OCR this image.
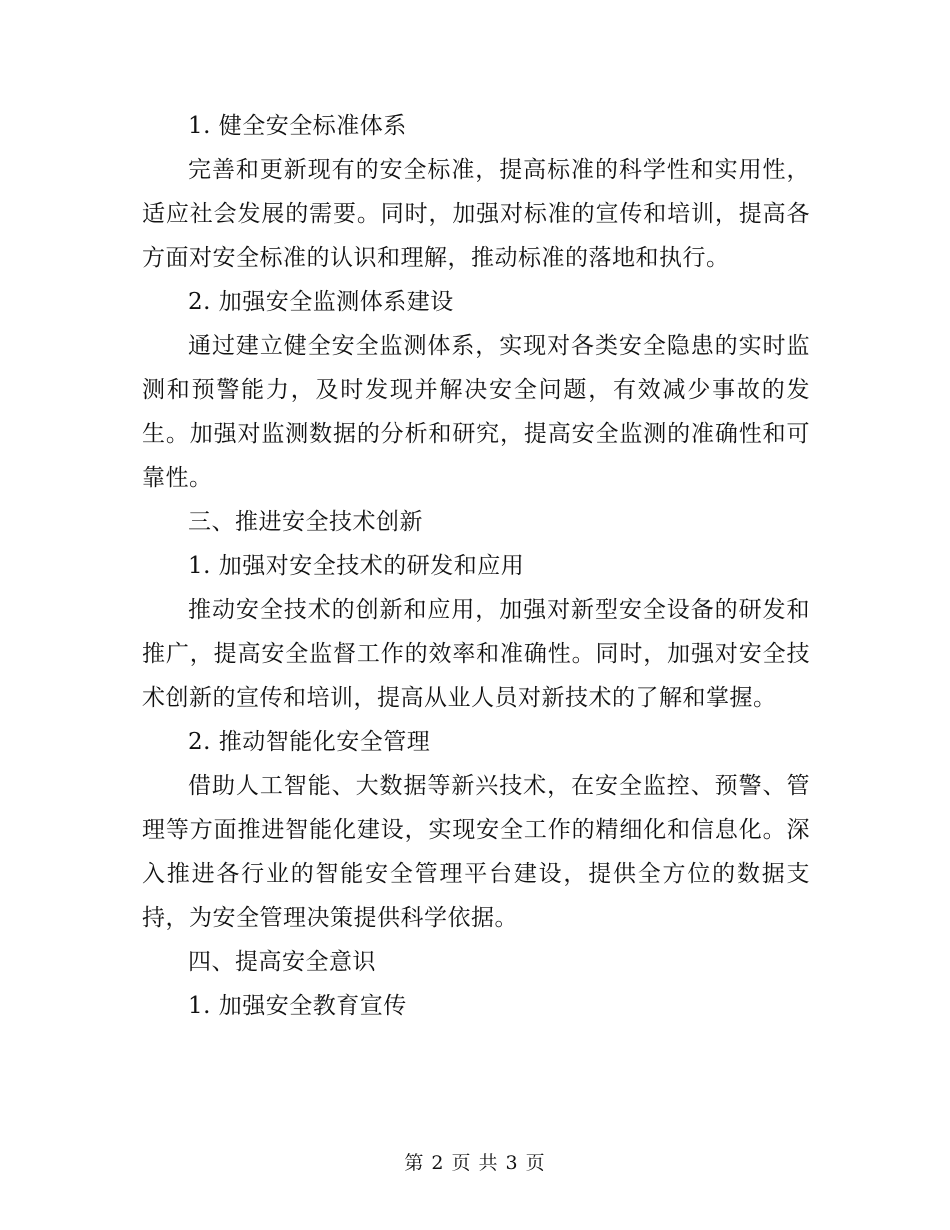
1. 健全安全标准体系

完善和更新现有的安全标准，提高标准的科学性和实用性，适应社会发展的需要。同时，加强对标准的宣传和培训，提高各方面对安全标准的认识和理解，推动标准的落地和执行。

2. 加强安全监测体系建设

通过建立健全安全监测体系，实现对各类安全隐患的实时监测和预警能力，及时发现并解决安全问题，有效减少事故的发生。加强对监测数据的分析和研究，提高安全监测的准确性和可靠性。

三、推进安全技术创新

1. 加强对安全技术的研发和应用

推动安全技术的创新和应用，加强对新型安全设备的研发和推广，提高安全监督工作的效率和准确性。同时，加强对安全技术创新的宣传和培训，提高从业人员对新技术的了解和掌握。

2. 推动智能化安全管理

借助人工智能、大数据等新兴技术，在安全监控、预警、管理等方面推进智能化建设，实现安全工作的精细化和信息化。深入推进各行业的智能安全管理平台建设，提供全方位的数据支持，为安全管理决策提供科学依据。

四、提高安全意识

1. 加强安全教育宣传

第 2 页 共 3 页
